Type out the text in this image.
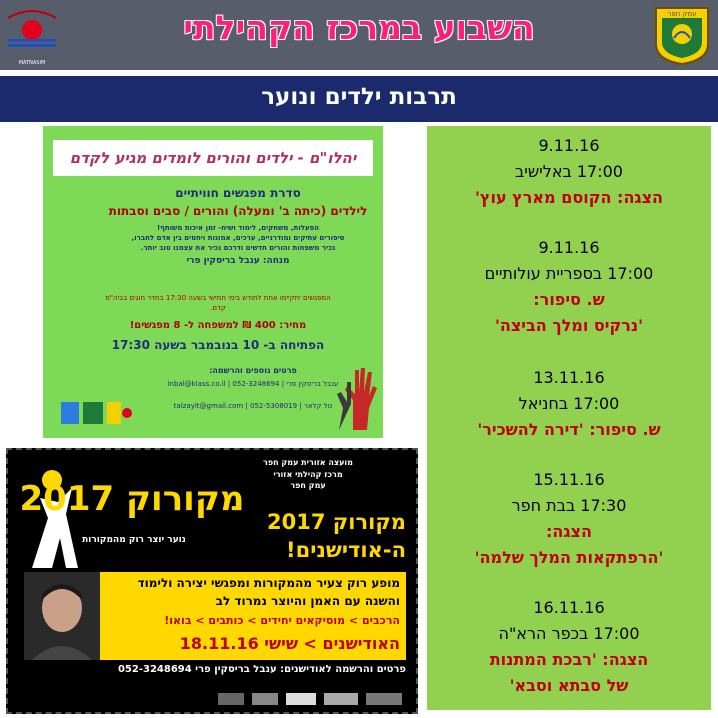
MATNASIM
השבוע במרכז הקהילתי	עמק חפר
תרבות ילדים ונוער
יהלו"ם - ילדים והורים לומדים מגיע לקדם
סדרת מפגשים חוויתיים
לילדים (כיתה ב' ומעלה) והורים / סבים וסבתות
הפעלות, משחקים, לימוד ושיח- זמן איכות משותף!
סיפורים עתיקים ומודרניים, ערכים, אמונות ויחסים בין אדם לחברו,
נכיר משפחות והורים חדשים ודרכם נכיר את עצמנו טוב יותר.
מנחה: ענבל בריסקין פרי
המפגשים יתקיימו אחת לחודש בימי חמישי בשעה 17:30 בחדר חוגים בביה"ס
קדם.
מחיר: 400 ₪ למשפחה ל- 8 מפגשים!
הפתיחה ב- 10 בנובמבר בשעה 17:30
פרטים נוספים והרשמה:
ענבל בריסקין פרי | 052-3248694 | inbal@klass.co.il
טל קלאר | 052-5308019 | talzayit@gmail.com
מקורוק 2017
נוער יוצר רוק מהמקורות
מועצה אזורית עמק חפר
מרכז קהילתי אזורי
עמק חפר
מקורוק 2017
ה-אודישנים!
מופע רוק צעיר מהמקורות ומפגשי יצירה ולימוד
והשנה עם האמן והיוצר נמרוד לב
הרכבים > מוסיקאים יחידים > כותבים > בואו!
האודישנים > שישי 18.11.16
פרטים והרשמה לאודישנים: ענבל בריסקין פרי 052-3248694
9.11.16
17:00 באלישיב
הצגה: הקוסם מארץ עוץ'
9.11.16
17:00 בספריית עולותיים
ש. סיפור:
'נרקיס ומלך הביצה'
13.11.16
17:00 בחניאל
ש. סיפור: 'דירה להשכיר'
15.11.16
17:30 בבת חפר
הצגה:
'הרפתקאות המלך שלמה'
16.11.16
17:00 בכפר הרא"ה
הצגה: 'רבכת המתנות
של סבתא וסבא'
